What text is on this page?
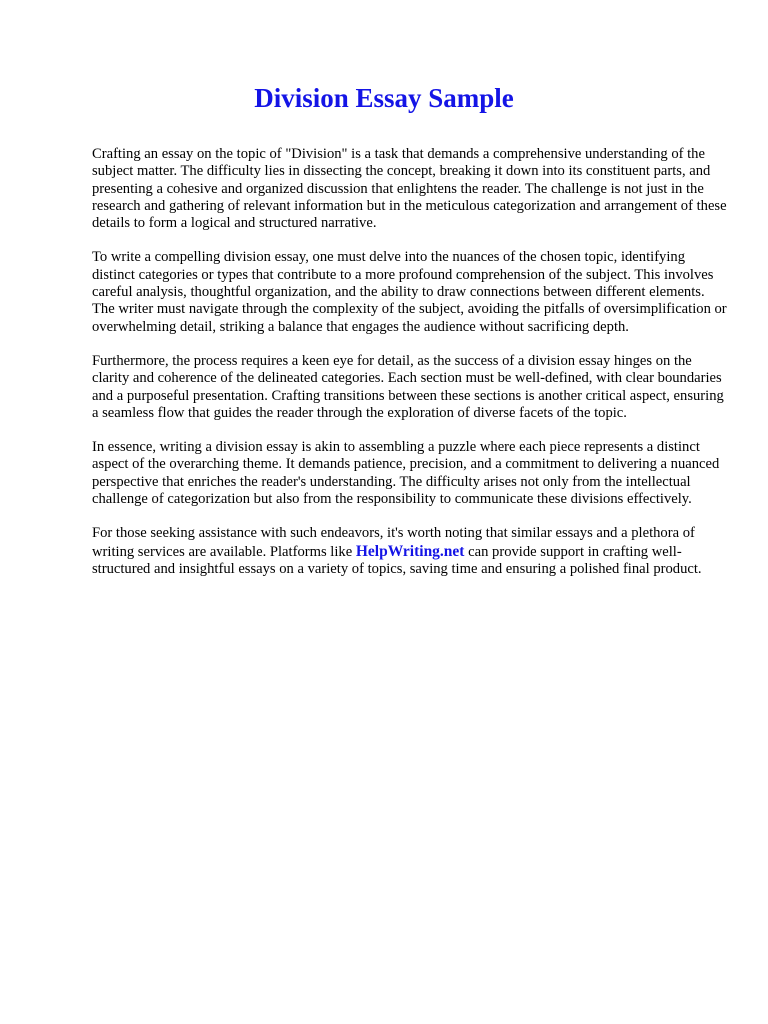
Division Essay Sample

Crafting an essay on the topic of "Division" is a task that demands a comprehensive understanding of the subject matter. The difficulty lies in dissecting the concept, breaking it down into its constituent parts, and presenting a cohesive and organized discussion that enlightens the reader. The challenge is not just in the research and gathering of relevant information but in the meticulous categorization and arrangement of these details to form a logical and structured narrative.

To write a compelling division essay, one must delve into the nuances of the chosen topic, identifying distinct categories or types that contribute to a more profound comprehension of the subject. This involves careful analysis, thoughtful organization, and the ability to draw connections between different elements. The writer must navigate through the complexity of the subject, avoiding the pitfalls of oversimplification or overwhelming detail, striking a balance that engages the audience without sacrificing depth.

Furthermore, the process requires a keen eye for detail, as the success of a division essay hinges on the clarity and coherence of the delineated categories. Each section must be well-defined, with clear boundaries and a purposeful presentation. Crafting transitions between these sections is another critical aspect, ensuring a seamless flow that guides the reader through the exploration of diverse facets of the topic.

In essence, writing a division essay is akin to assembling a puzzle where each piece represents a distinct aspect of the overarching theme. It demands patience, precision, and a commitment to delivering a nuanced perspective that enriches the reader's understanding. The difficulty arises not only from the intellectual challenge of categorization but also from the responsibility to communicate these divisions effectively.

For those seeking assistance with such endeavors, it's worth noting that similar essays and a plethora of writing services are available. Platforms like HelpWriting.net can provide support in crafting well-structured and insightful essays on a variety of topics, saving time and ensuring a polished final product.
